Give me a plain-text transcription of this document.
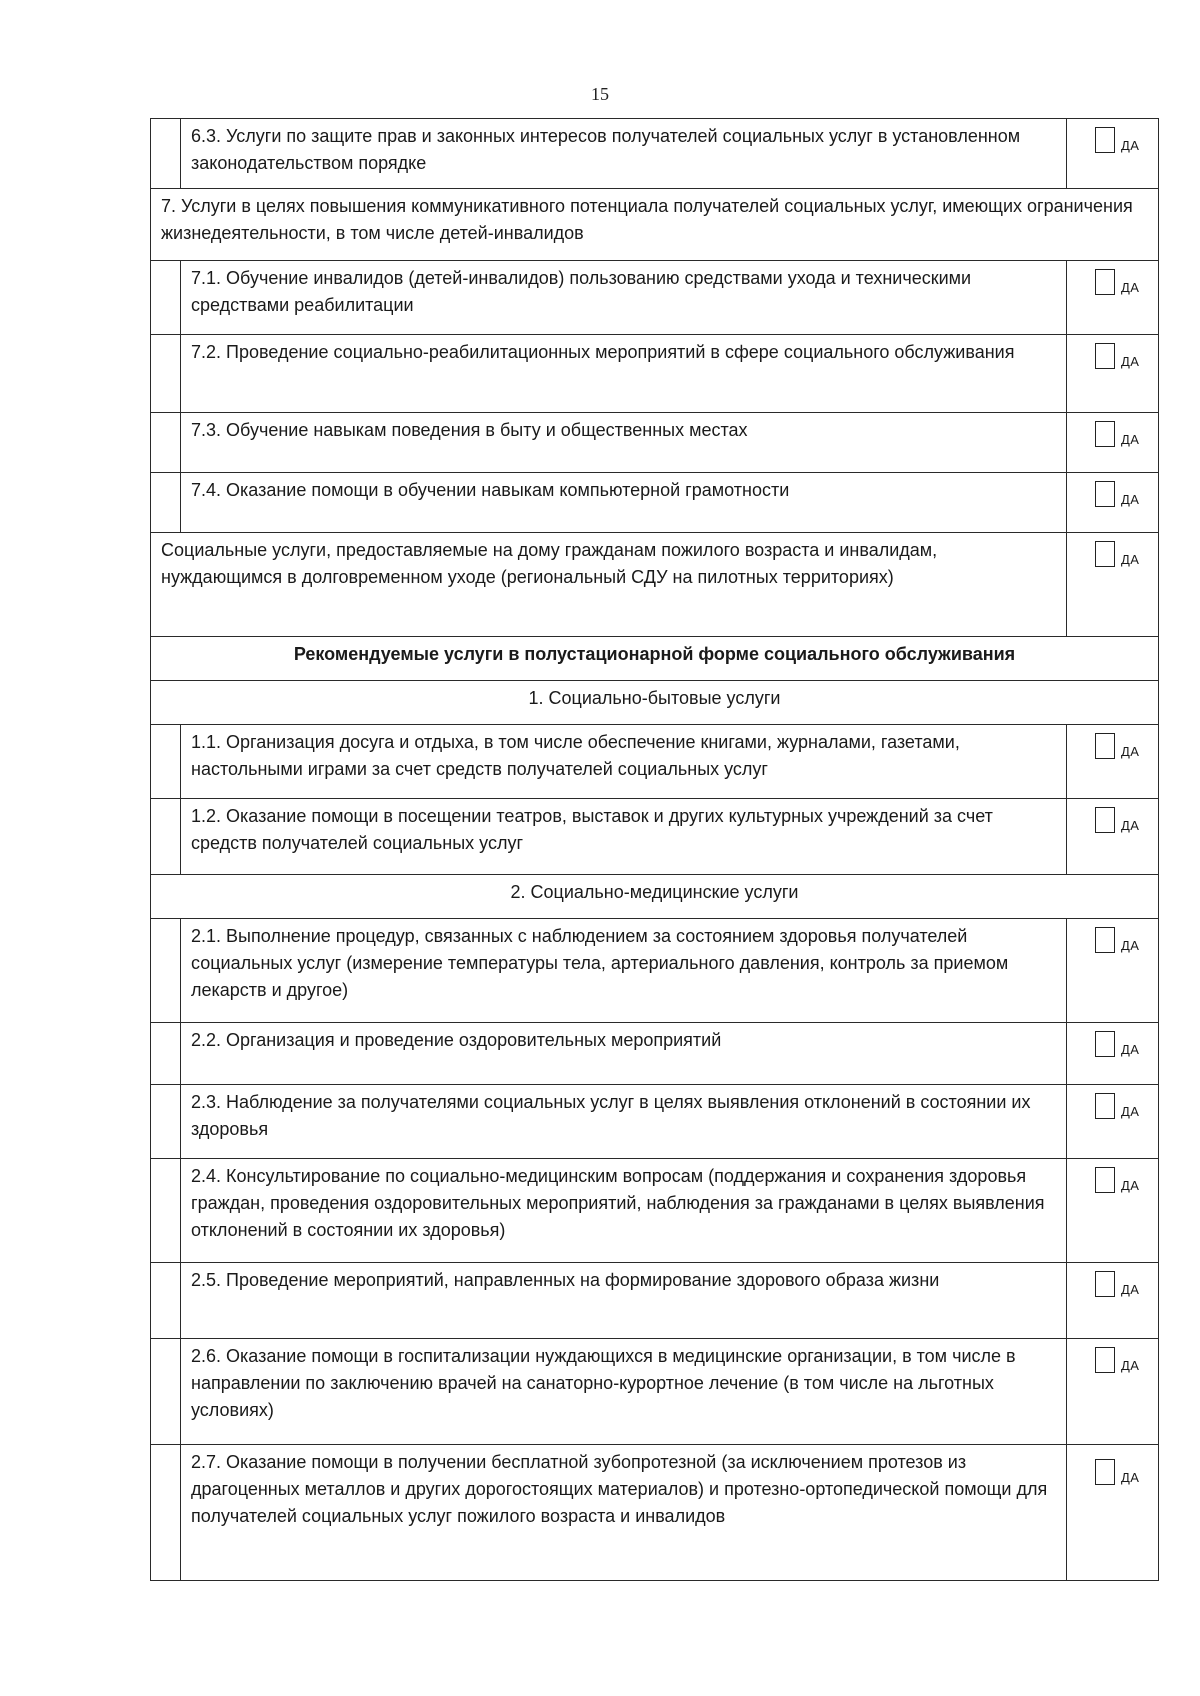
15
	6.3. Услуги по защите прав и законных интересов получателей социальных услуг в установленном законодательством порядке	ДА

7. Услуги в целях повышения коммуникативного потенциала получателей социальных услуг, имеющих ограничения жизнедеятельности, в том числе детей-инвалидов		
	7.1. Обучение инвалидов (детей-инвалидов) пользованию средствами ухода и техническими средствами реабилитации	ДА

	7.2. Проведение социально-реабилитационных мероприятий в сфере социального обслуживания	ДА

	7.3. Обучение навыкам поведения в быту и общественных местах	ДА

	7.4. Оказание помощи в обучении навыкам компьютерной грамотности	ДА

Социальные услуги, предоставляемые на дому гражданам пожилого возраста и инвалидам, нуждающимся в долговременном уходе (региональный СДУ на пилотных территориях)		ДА

Рекомендуемые услуги в полустационарной форме социального обслуживания		
1. Социально-бытовые услуги		
	1.1. Организация досуга и отдыха, в том числе обеспечение книгами, журналами, газетами, настольными играми за счет средств получателей социальных услуг	ДА

	1.2. Оказание помощи в посещении театров, выставок и других культурных учреждений за счет средств получателей социальных услуг	ДА

2. Социально-медицинские услуги		
	2.1. Выполнение процедур, связанных с наблюдением за состоянием здоровья получателей социальных услуг (измерение температуры тела, артериального давления, контроль за приемом лекарств и другое)	ДА

	2.2. Организация и проведение оздоровительных мероприятий	ДА

	2.3. Наблюдение за получателями социальных услуг в целях выявления отклонений в состоянии их здоровья	ДА

	2.4. Консультирование по социально-медицинским вопросам (поддержания и сохранения здоровья граждан, проведения оздоровительных мероприятий, наблюдения за гражданами в целях выявления отклонений в состоянии их здоровья)	ДА

	2.5. Проведение мероприятий, направленных на формирование здорового образа жизни	ДА

	2.6. Оказание помощи в госпитализации нуждающихся в медицинские организации, в том числе в направлении по заключению врачей на санаторно-курортное лечение (в том числе на льготных условиях)	ДА

	2.7. Оказание помощи в получении бесплатной зубопротезной (за исключением протезов из драгоценных металлов и других дорогостоящих материалов) и протезно-ортопедической помощи для получателей социальных услуг пожилого возраста и инвалидов	ДА
